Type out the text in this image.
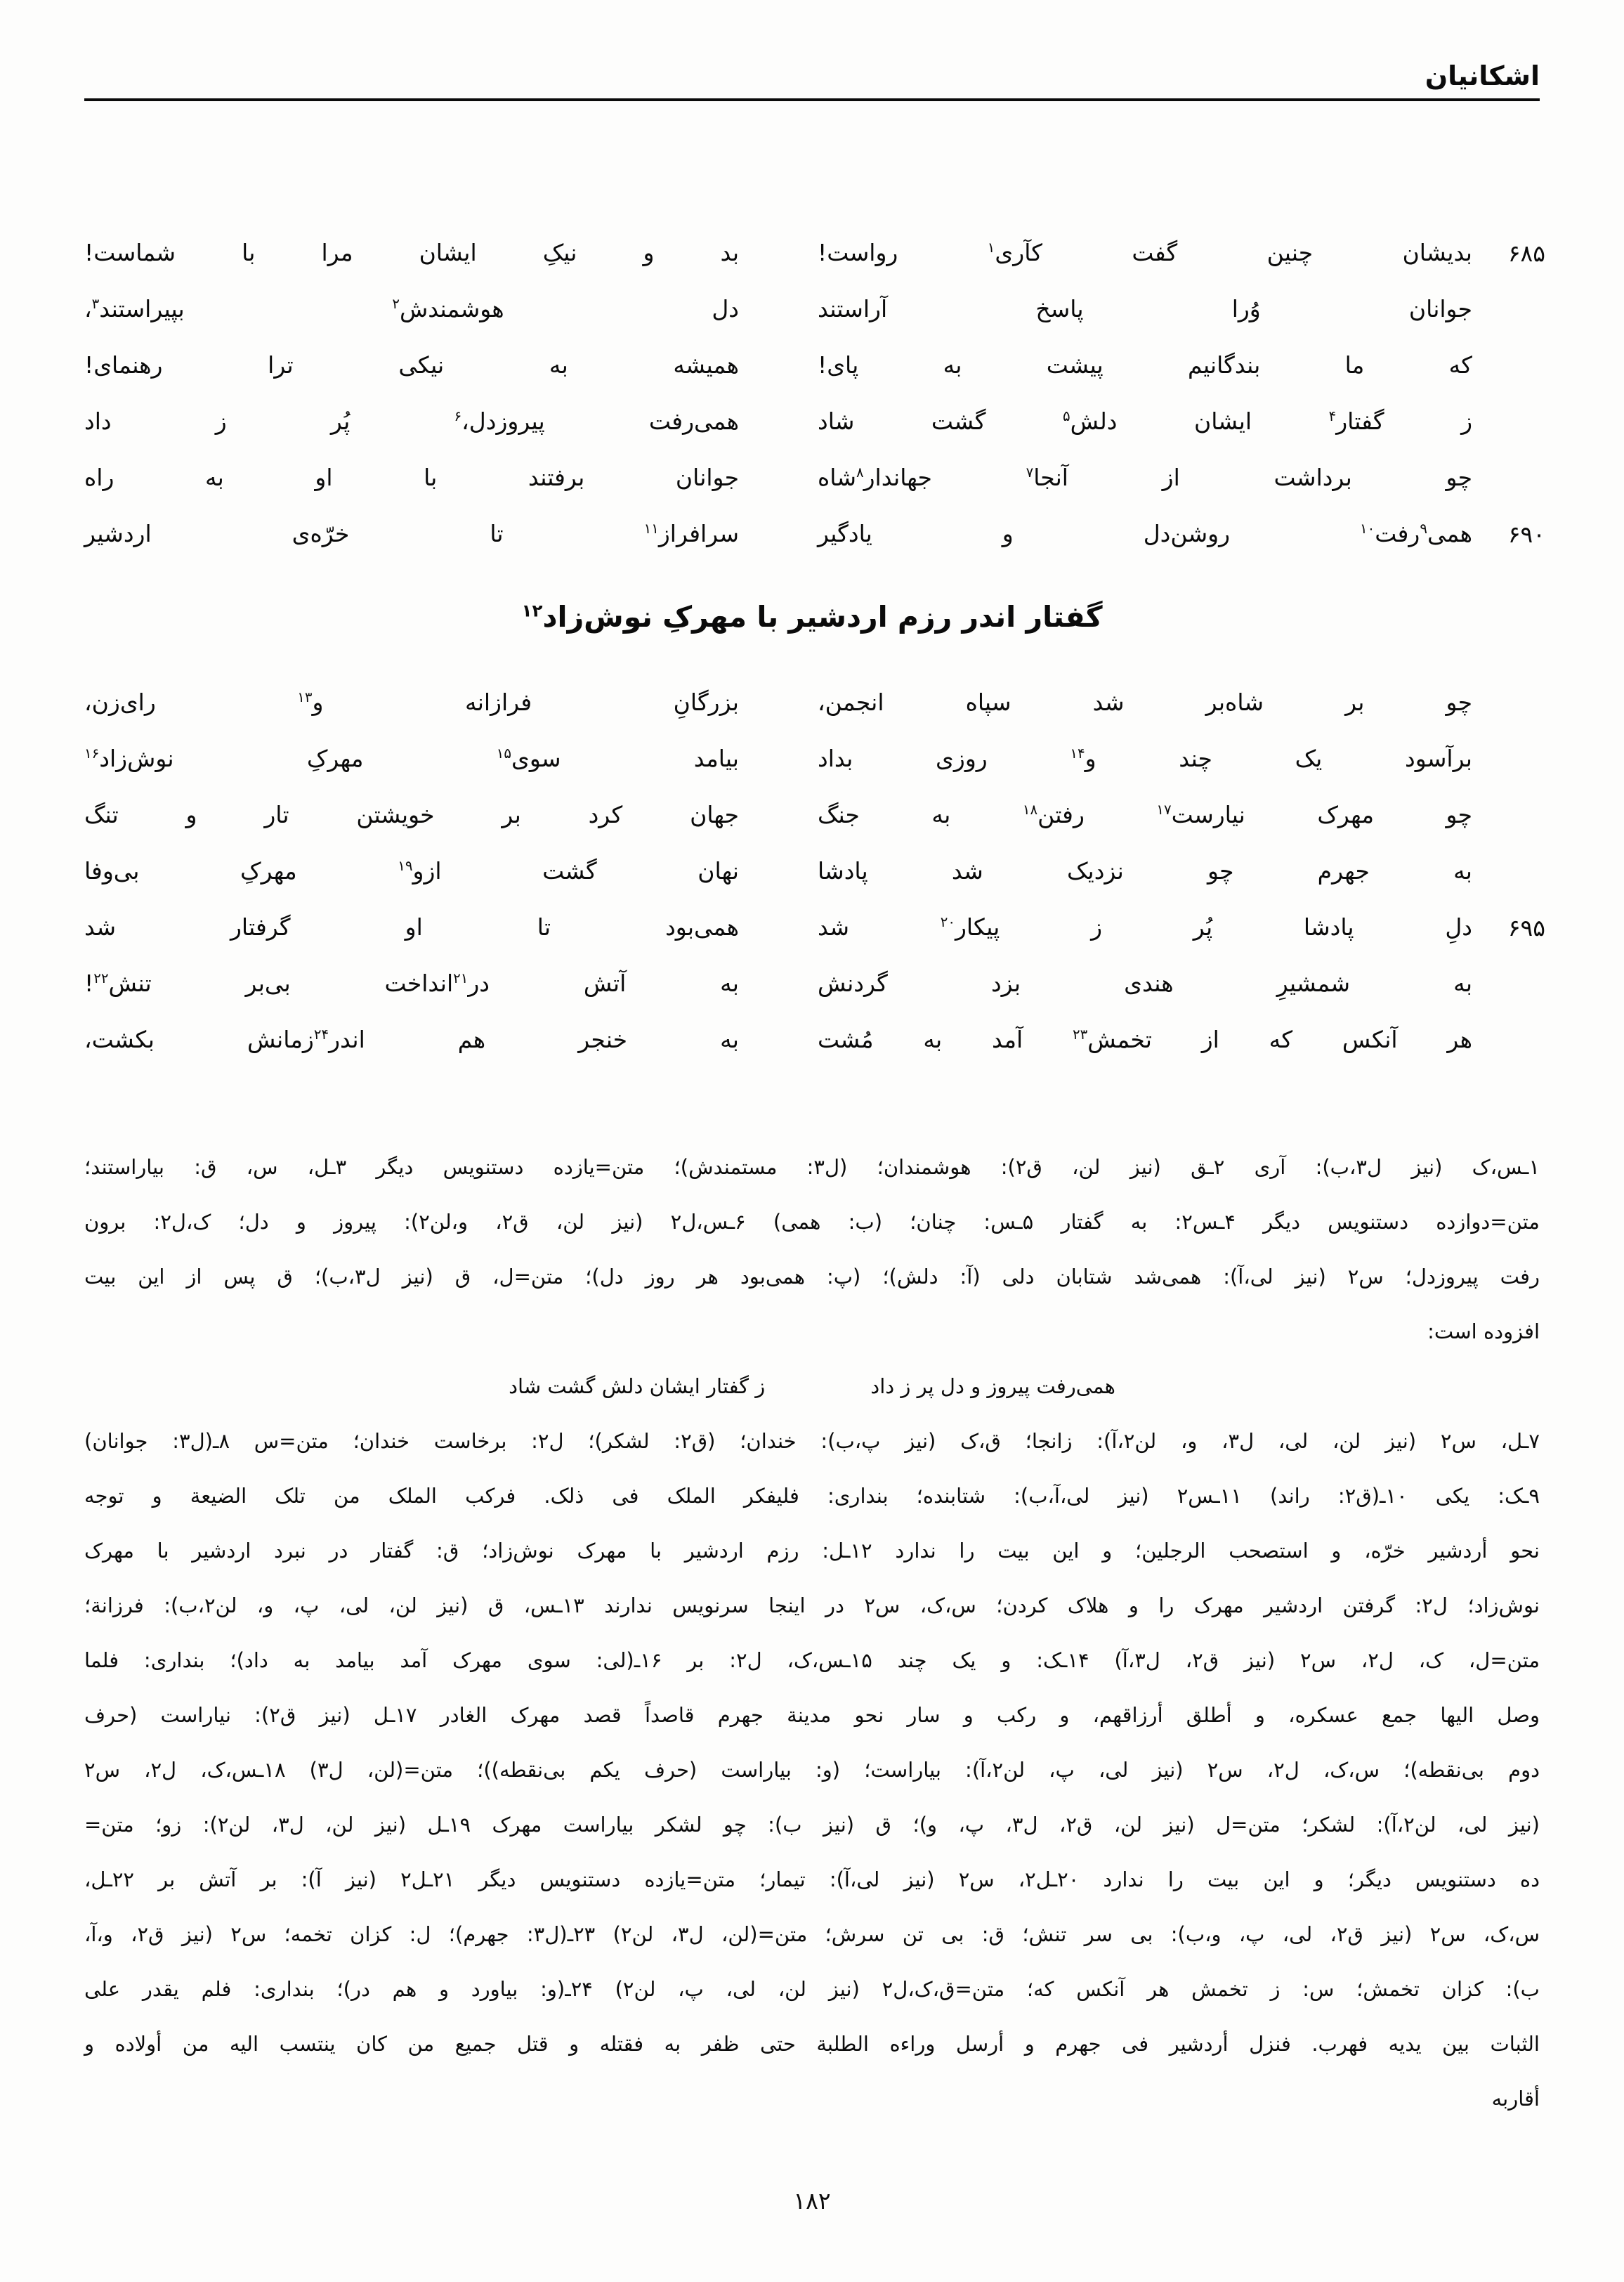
اشکانیان
۶۸۵
بدیشان چنین گفت کآری$^۱$ رواست!
بد و نیکِ ایشان مرا با شماست!
جوانان وُرا پاسخ آراستند
دل هوشمندش$^۲$ بپیراستند$^۳$،
که ما بندگانیم پیشت به پای!
همیشه به نیکی ترا رهنمای!
ز گفتار$^۴$ ایشان دلش$^۵$ گشت شاد
همی‌رفت پیروزدل،$^۶$ پُر ز داد
چو برداشت از آنجا$^۷$ جهاندار$^۸$شاه
جوانان برفتند با او به راه
۶۹۰
همی$^۹$رفت$^{۱۰}$ روشن‌دل و یادگیر
سرافراز$^{۱۱}$ تا خرّه‌ی اردشیر
گفتار اندر رزم اردشیر با مهرکِ نوش‌زاد$^{۱۲}$
چو بر شاه‌بر شد سپاه انجمن،
بزرگانِ فرازانه و$^{۱۳}$ رای‌زن،
برآسود یک چند و$^{۱۴}$ روزی بداد
بیامد سوی$^{۱۵}$ مهرکِ نوش‌زاد$^{۱۶}$
چو مهرک نیارست$^{۱۷}$ رفتن$^{۱۸}$ به جنگ
جهان کرد بر خویشتن تار و تنگ
به جهرم چو نزدیک شد پادشا
نهان گشت ازو$^{۱۹}$ مهرکِ بی‌وفا
۶۹۵
دلِ پادشا پُر ز پیکار$^{۲۰}$ شد
همی‌بود تا او گرفتار شد
به شمشیرِ هندی بزد گردنش
به آتش در$^{۲۱}$انداخت بی‌بر تنش$^{۲۲}$!
هر آنکس که از تخمش$^{۲۳}$ آمد به مُشت
به خنجر هم اندر$^{۲۴}$زمانش بکشت،
۱ـس،ک (نیز ل۳،ب): آری ۲ـق (نیز لن، ق۲): هوشمندان؛ (ل۳: مستمندش)؛ متن=یازده دستنویس دیگر ۳ـل، س، ق: بیاراستند؛
متن=دوازده دستنویس دیگر ۴ـس۲: به گفتار ۵ـس: چنان؛ (ب: همی) ۶ـس،ل۲ (نیز لن، ق۲، و،لن۲): پیروز و دل؛ ک،ل۲: برون
رفت پیروزدل؛ س۲ (نیز لی،آ): همی‌شد شتابان دلی (آ: دلش)؛ (پ: همی‌بود هر روز دل)؛ متن=ل، ق (نیز ل۳،ب)؛ ق پس از این بیت
افزوده است:
همی‌رفت پیروز و دل پر ز داد
ز گفتار ایشان دلش گشت شاد
۷ـل، س۲ (نیز لن، لی، ل۳، و، لن۲،آ): زانجا؛ ق،ک (نیز پ،ب): خندان؛ (ق۲: لشکر)؛ ل۲: برخاست خندان؛ متن=س ۸ـ(ل۳: جوانان)
۹ـک: یکی ۱۰ـ(ق۲: راند) ۱۱ـس۲ (نیز لی،آ،ب): شتابنده؛ بنداری: فلیفکر الملک فی ذلک. فرکب الملک من تلک الضیعة و توجه
نحو أردشیر خرّه، و استصحب الرجلین؛ و این بیت را ندارد ۱۲ـل: رزم اردشیر با مهرک نوش‌زاد؛ ق: گفتار در نبرد اردشیر با مهرک
نوش‌زاد؛ ل۲: گرفتن اردشیر مهرک را و هلاک کردن؛ س،ک، س۲ در اینجا سرنویس ندارند ۱۳ـس، ق (نیز لن، لی، پ، و، لن۲،ب): فرزانة؛
متن=ل، ک، ل۲، س۲ (نیز ق۲، ل۳،آ) ۱۴ـک: و یک چند ۱۵ـس،ک، ل۲: بر ۱۶ـ(لی: سوی مهرک آمد بیامد به داد)؛ بنداری: فلما
وصل الیها جمع عسکره، و أطلق أرزاقهم، و رکب و سار نحو مدینة جهرم قاصداً قصد مهرک الغادر ۱۷ـل (نیز ق۲): نیاراست (حرف
دوم بی‌نقطه)؛ س،ک، ل۲، س۲ (نیز لی، پ، لن۲،آ): بیاراست؛ (و: بیاراست (حرف یکم بی‌نقطه))؛ متن=(لن، ل۳) ۱۸ـس،ک، ل۲، س۲
(نیز لی، لن۲،آ): لشکر؛ متن=ل (نیز لن، ق۲، ل۳، پ، و)؛ ق (نیز ب): چو لشکر بیاراست مهرک ۱۹ـل (نیز لن، ل۳، لن۲): زو؛ متن=
ده دستنویس دیگر؛ و این بیت را ندارد ۲۰ـل۲، س۲ (نیز لی،آ): تیمار؛ متن=یازده دستنویس دیگر ۲۱ـل۲ (نیز آ): بر آتش بر ۲۲ـل،
س،ک، س۲ (نیز ق۲، لی، پ، و،ب): بی سر تنش؛ ق: بی تن سرش؛ متن=(لن، ل۳، لن۲) ۲۳ـ(ل۳: جهرم)؛ ل: کزان تخمه؛ س۲ (نیز ق۲، و،آ،
ب): کزان تخمش؛ س: ز تخمش هر آنکس که؛ متن=ق،ک،ل۲ (نیز لن، لی، پ، لن۲) ۲۴ـ(و: بیاورد و هم در)؛ بنداری: فلم یقدر علی
الثبات بین یدیه فهرب. فنزل أردشیر فی جهرم و أرسل وراءه الطلبة حتی ظفر به فقتله و قتل جمیع من کان ینتسب الیه من أولاده و
أقاربه
۱۸۲
